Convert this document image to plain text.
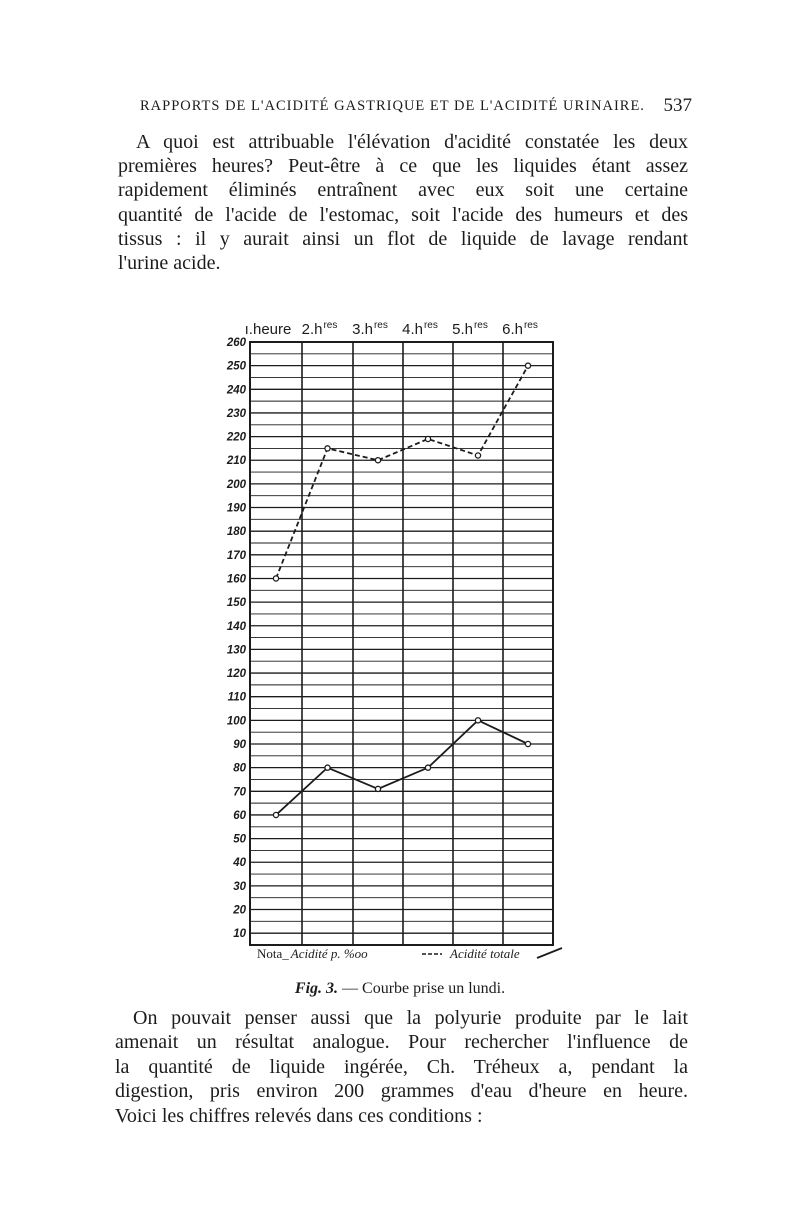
RAPPORTS DE L'ACIDITÉ GASTRIQUE ET DE L'ACIDITÉ URINAIRE. 537

A quoi est attribuable l'élévation d'acidité constatée les deux
premières heures? Peut-être à ce que les liquides étant assez
rapidement éliminés entraînent avec eux soit une certaine
quantité de l'acide de l'estomac, soit l'acide des humeurs et des
tissus : il y aurait ainsi un flot de liquide de lavage rendant
l'urine acide.

260
250
240
230
220
210
200
190
180
170
160
150
140
130
120
110
100
90
80
70
60
50
40
30
20
10
ı.heure $2.h^{res}$ $3.h^{res}$ $4.h^{res}$ $5.h^{res}$ $6.h^{res}$
Nota_ Acidité p. %oo	Acidité totale
Fig. 3. — Courbe prise un lundi.

On pouvait penser aussi que la polyurie produite par le lait
amenait un résultat analogue. Pour rechercher l'influence de
la quantité de liquide ingérée, Ch. Tréheux a, pendant la
digestion, pris environ 200 grammes d'eau d'heure en heure.
Voici les chiffres relevés dans ces conditions :
